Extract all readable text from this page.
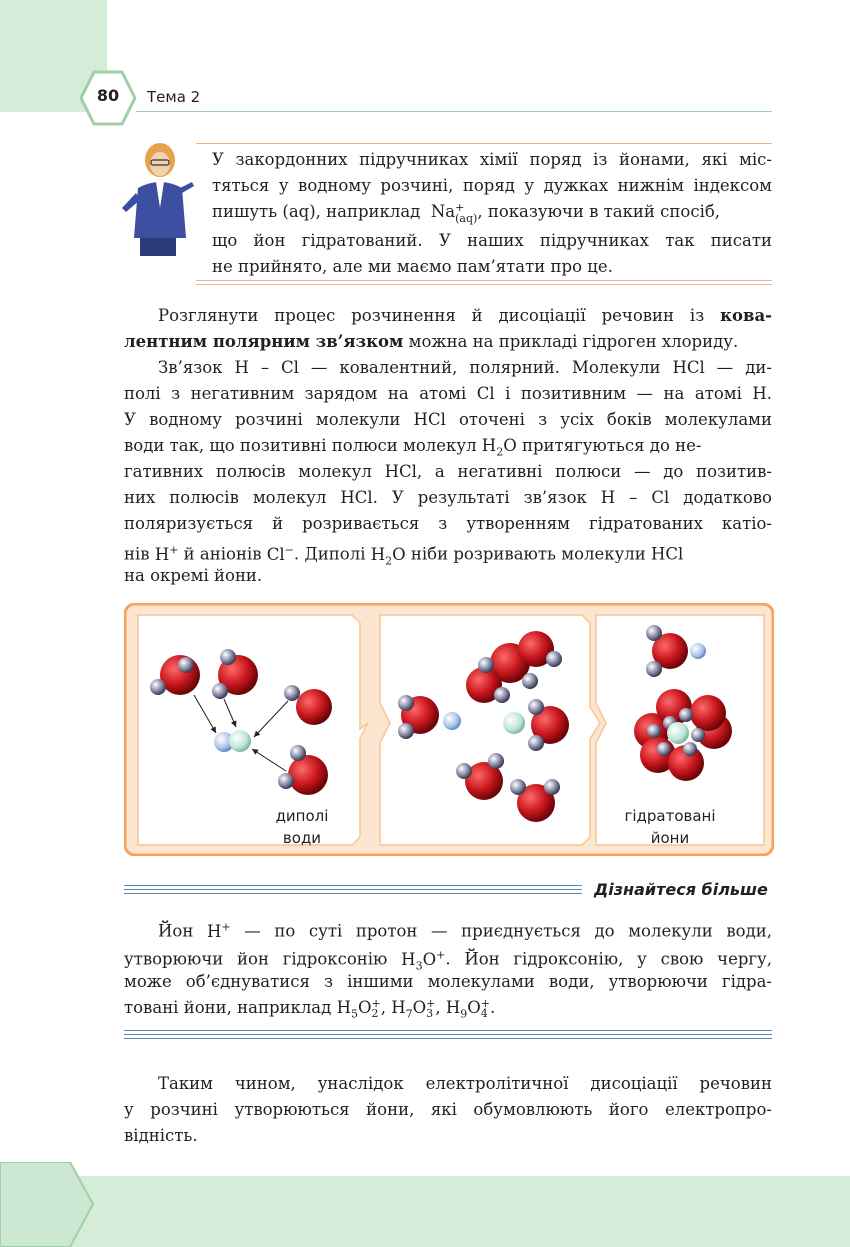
80	Тема 2
У закордонних підручниках хімії поряд із йонами, які міс-
тяться у водному розчині, поряд у дужках нижнім індексом
пишуть (aq), наприклад Na +
(aq) , показуючи в такий спосіб,
що йон гідратований. У наших підручниках так писати
не прийнято, але ми маємо пам’ятати про це.
Розглянути процес розчинення й дисоціації речовин із кова-
лентним полярним зв’язком можна на прикладі гідроген хлориду.
Зв’язок H – Cl — ковалентний, полярний. Молекули HCl — ди-
полі з негативним зарядом на атомі Cl і позитивним — на атомі H.
У водному розчині молекули HCl оточені з усіх боків молекулами
води так, що позитивні полюси молекул $H_2O$ притягуються до не-
гативних полюсів молекул HCl, а негативні полюси — до позитив-
них полюсів молекул HCl. У результаті зв’язок H – Cl додатково
поляризується й розривається з утворенням гідратованих катіо-
нів H+ й аніонів Cl−. Диполі $H_2O$ ніби розривають молекули HCl
на окремі йони.
диполі
води
гідратовані
йони
Дізнайтеся більше
Йон H+ — по суті протон — приєднується до молекули води,
утворюючи йон гідроксонію $H_3O^+$. Йон гідроксонію, у свою чергу,
може об’єднуватися з іншими молекулами води, утворюючи гідра-
товані йони, наприклад $H_5O$ +
2 , $H_7O$ +
3 , $H_9O$ +
4 .
Таким чином, унаслідок електролітичної дисоціації речовин
у розчині утворюються йони, які обумовлюють його електропро-
відність.
